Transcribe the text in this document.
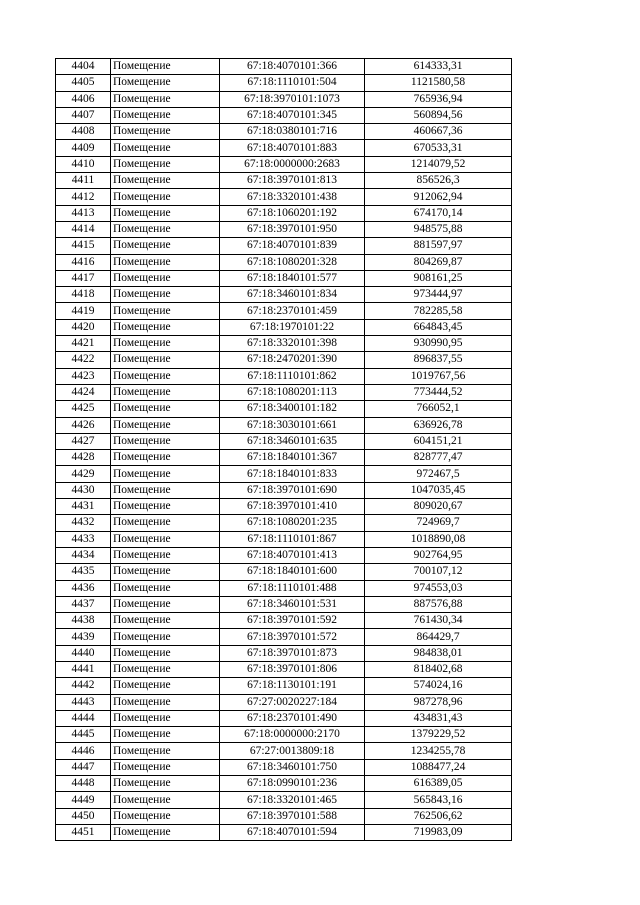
4404	Помещение	67:18:4070101:366	614333,31
4405	Помещение	67:18:1110101:504	1121580,58
4406	Помещение	67:18:3970101:1073	765936,94
4407	Помещение	67:18:4070101:345	560894,56
4408	Помещение	67:18:0380101:716	460667,36
4409	Помещение	67:18:4070101:883	670533,31
4410	Помещение	67:18:0000000:2683	1214079,52
4411	Помещение	67:18:3970101:813	856526,3
4412	Помещение	67:18:3320101:438	912062,94
4413	Помещение	67:18:1060201:192	674170,14
4414	Помещение	67:18:3970101:950	948575,88
4415	Помещение	67:18:4070101:839	881597,97
4416	Помещение	67:18:1080201:328	804269,87
4417	Помещение	67:18:1840101:577	908161,25
4418	Помещение	67:18:3460101:834	973444,97
4419	Помещение	67:18:2370101:459	782285,58
4420	Помещение	67:18:1970101:22	664843,45
4421	Помещение	67:18:3320101:398	930990,95
4422	Помещение	67:18:2470201:390	896837,55
4423	Помещение	67:18:1110101:862	1019767,56
4424	Помещение	67:18:1080201:113	773444,52
4425	Помещение	67:18:3400101:182	766052,1
4426	Помещение	67:18:3030101:661	636926,78
4427	Помещение	67:18:3460101:635	604151,21
4428	Помещение	67:18:1840101:367	828777,47
4429	Помещение	67:18:1840101:833	972467,5
4430	Помещение	67:18:3970101:690	1047035,45
4431	Помещение	67:18:3970101:410	809020,67
4432	Помещение	67:18:1080201:235	724969,7
4433	Помещение	67:18:1110101:867	1018890,08
4434	Помещение	67:18:4070101:413	902764,95
4435	Помещение	67:18:1840101:600	700107,12
4436	Помещение	67:18:1110101:488	974553,03
4437	Помещение	67:18:3460101:531	887576,88
4438	Помещение	67:18:3970101:592	761430,34
4439	Помещение	67:18:3970101:572	864429,7
4440	Помещение	67:18:3970101:873	984838,01
4441	Помещение	67:18:3970101:806	818402,68
4442	Помещение	67:18:1130101:191	574024,16
4443	Помещение	67:27:0020227:184	987278,96
4444	Помещение	67:18:2370101:490	434831,43
4445	Помещение	67:18:0000000:2170	1379229,52
4446	Помещение	67:27:0013809:18	1234255,78
4447	Помещение	67:18:3460101:750	1088477,24
4448	Помещение	67:18:0990101:236	616389,05
4449	Помещение	67:18:3320101:465	565843,16
4450	Помещение	67:18:3970101:588	762506,62
4451	Помещение	67:18:4070101:594	719983,09
